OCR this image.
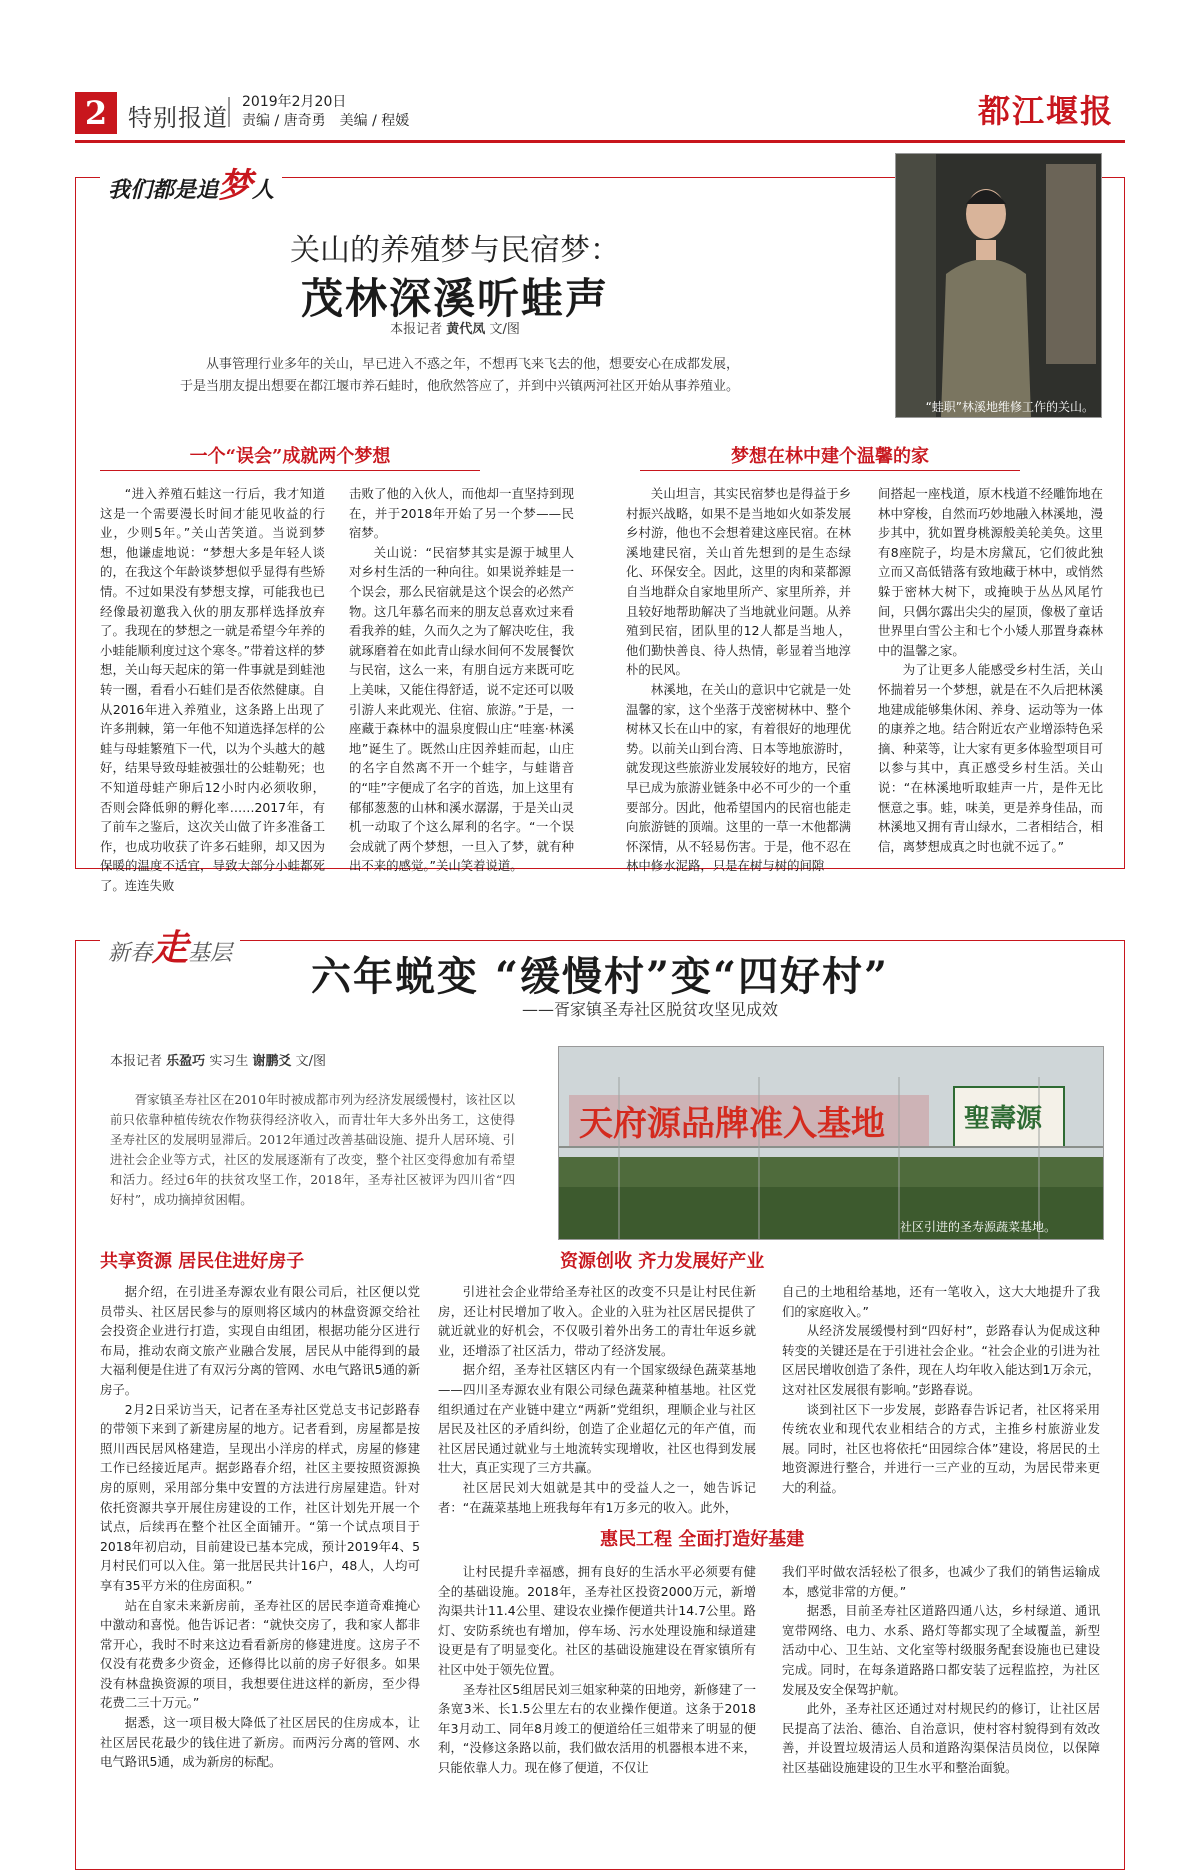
2 特别报道
2019年2月20日
责编 / 唐奇勇　美编 / 程媛	都江堰报
我们都是追梦人
关山的养殖梦与民宿梦：
茂林深溪听蛙声
本报记者 黄代凤 文/图
从事管理行业多年的关山，早已进入不惑之年，不想再飞来飞去的他，想要安心在成都发展，于是当朋友提出想要在都江堰市养石蛙时，他欣然答应了，并到中兴镇两河社区开始从事养殖业。
“蛙职”林溪地维修工作的关山。
一个“误会”成就两个梦想	梦想在林中建个温馨的家

“进入养殖石蛙这一行后，我才知道这是一个需要漫长时间才能见收益的行业，少则5年。”关山苦笑道。当说到梦想，他谦虚地说：“梦想大多是年轻人谈的，在我这个年龄谈梦想似乎显得有些矫情。不过如果没有梦想支撑，可能我也已经像最初邀我入伙的朋友那样选择放弃了。我现在的梦想之一就是希望今年养的小蛙能顺利度过这个寒冬。”带着这样的梦想，关山每天起床的第一件事就是到蛙池转一圈，看看小石蛙们是否依然健康。自从2016年进入养殖业，这条路上出现了许多荆棘，第一年他不知道选择怎样的公蛙与母蛙繁殖下一代，以为个头越大的越好，结果导致母蛙被强壮的公蛙勒死；也不知道母蛙产卵后12小时内必须收卵，否则会降低卵的孵化率……2017年，有了前车之鉴后，这次关山做了许多准备工作，也成功收获了许多石蛙卵，却又因为保暖的温度不适宜，导致大部分小蛙都死了。连连失败

击败了他的入伙人，而他却一直坚持到现在，并于2018年开始了另一个梦——民宿梦。

关山说：“民宿梦其实是源于城里人对乡村生活的一种向往。如果说养蛙是一个误会，那么民宿就是这个误会的必然产物。这几年慕名而来的朋友总喜欢过来看看我养的蛙，久而久之为了解决吃住，我就琢磨着在如此青山绿水间何不发展餐饮与民宿，这么一来，有朋自远方来既可吃上美味，又能住得舒适，说不定还可以吸引游人来此观光、住宿、旅游。”于是，一座藏于森林中的温泉度假山庄“哇塞·林溪地”诞生了。既然山庄因养蛙而起，山庄的名字自然离不开一个蛙字，与蛙谐音的“哇”字便成了名字的首选，加上这里有郁郁葱葱的山林和溪水潺潺，于是关山灵机一动取了个这么犀利的名字。“一个误会成就了两个梦想，一旦入了梦，就有种出不来的感觉。”关山笑着说道。

关山坦言，其实民宿梦也是得益于乡村振兴战略，如果不是当地如火如荼发展乡村游，他也不会想着建这座民宿。在林溪地建民宿，关山首先想到的是生态绿化、环保安全。因此，这里的肉和菜都源自当地群众自家地里所产、家里所养，并且较好地帮助解决了当地就业问题。从养殖到民宿，团队里的12人都是当地人，他们勤快善良、待人热情，彰显着当地淳朴的民风。

林溪地，在关山的意识中它就是一处温馨的家，这个坐落于茂密树林中、整个树林又长在山中的家，有着很好的地理优势。以前关山到台湾、日本等地旅游时，就发现这些旅游业发展较好的地方，民宿早已成为旅游业链条中必不可少的一个重要部分。因此，他希望国内的民宿也能走向旅游链的顶端。这里的一草一木他都满怀深情，从不轻易伤害。于是，他不忍在林中修水泥路，只是在树与树的间隙

间搭起一座栈道，原木栈道不经雕饰地在林中穿梭，自然而巧妙地融入林溪地，漫步其中，犹如置身桃源般美轮美奂。这里有8座院子，均是木房黛瓦，它们彼此独立而又高低错落有致地藏于林中，或悄然躲于密林大树下，或掩映于丛丛风尾竹间，只偶尔露出尖尖的屋顶，像极了童话世界里白雪公主和七个小矮人那置身森林中的温馨之家。

为了让更多人能感受乡村生活，关山怀揣着另一个梦想，就是在不久后把林溪地建成能够集休闲、养身、运动等为一体的康养之地。结合附近农产业增添特色采摘、种菜等，让大家有更多体验型项目可以参与其中，真正感受乡村生活。关山说：“在林溪地听取蛙声一片，是件无比惬意之事。蛙，味美，更是养身佳品，而林溪地又拥有青山绿水，二者相结合，相信，离梦想成真之时也就不远了。”

新春走基层	六年蜕变 “缓慢村”变“四好村”
——胥家镇圣寿社区脱贫攻坚见成效
本报记者 乐盈巧 实习生 谢鹏爻 文/图
胥家镇圣寿社区在2010年时被成都市列为经济发展缓慢村，该社区以前只依靠种植传统农作物获得经济收入，而青壮年大多外出务工，这使得圣寿社区的发展明显滞后。2012年通过改善基础设施、提升人居环境、引进社会企业等方式，社区的发展逐渐有了改变，整个社区变得愈加有希望和活力。经过6年的扶贫攻坚工作，2018年，圣寿社区被评为四川省“四好村”，成功摘掉贫困帽。
天府源品牌准入基地	聖壽源
社区引进的圣寿源蔬菜基地。
共享资源 居民住进好房子	资源创收 齐力发展好产业

据介绍，在引进圣寿源农业有限公司后，社区便以党员带头、社区居民参与的原则将区域内的林盘资源交给社会投资企业进行打造，实现自由组团，根据功能分区进行布局，推动农商文旅产业融合发展，居民从中能得到的最大福利便是住进了有双污分离的管网、水电气路讯5通的新房子。

2月2日采访当天，记者在圣寿社区党总支书记彭路春的带领下来到了新建房屋的地方。记者看到，房屋都是按照川西民居风格建造，呈现出小洋房的样式，房屋的修建工作已经接近尾声。据彭路春介绍，社区主要按照资源换房的原则，采用部分集中安置的方法进行房屋建造。针对依托资源共享开展住房建设的工作，社区计划先开展一个试点，后续再在整个社区全面铺开。“第一个试点项目于2018年初启动，目前建设已基本完成，预计2019年4、5月村民们可以入住。第一批居民共计16户，48人，人均可享有35平方米的住房面积。”

站在自家未来新房前，圣寿社区的居民李道奇难掩心中激动和喜悦。他告诉记者：“就快交房了，我和家人都非常开心，我时不时来这边看看新房的修建进度。这房子不仅没有花费多少资金，还修得比以前的房子好很多。如果没有林盘换资源的项目，我想要住进这样的新房，至少得花费二三十万元。”

据悉，这一项目极大降低了社区居民的住房成本，让社区居民花最少的钱住进了新房。而两污分离的管网、水电气路讯5通，成为新房的标配。

引进社会企业带给圣寿社区的改变不只是让村民住新房，还让村民增加了收入。企业的入驻为社区居民提供了就近就业的好机会，不仅吸引着外出务工的青壮年返乡就业，还增添了社区活力，带动了经济发展。

据介绍，圣寿社区辖区内有一个国家级绿色蔬菜基地——四川圣寿源农业有限公司绿色蔬菜种植基地。社区党组织通过在产业链中建立“两新”党组织，理顺企业与社区居民及社区的矛盾纠纷，创造了企业超亿元的年产值，而社区居民通过就业与土地流转实现增收，社区也得到发展壮大，真正实现了三方共赢。

社区居民刘大姐就是其中的受益人之一，她告诉记者：“在蔬菜基地上班我每年有1万多元的收入。此外，

自己的土地租给基地，还有一笔收入，这大大地提升了我们的家庭收入。”

从经济发展缓慢村到“四好村”，彭路春认为促成这种转变的关键还是在于引进社会企业。“社会企业的引进为社区居民增收创造了条件，现在人均年收入能达到1万余元，这对社区发展很有影响。”彭路春说。

谈到社区下一步发展，彭路春告诉记者，社区将采用传统农业和现代农业相结合的方式，主推乡村旅游业发展。同时，社区也将依托“田园综合体”建设，将居民的土地资源进行整合，并进行一三产业的互动，为居民带来更大的利益。

惠民工程 全面打造好基建

让村民提升幸福感，拥有良好的生活水平必须要有健全的基础设施。2018年，圣寿社区投资2000万元，新增沟渠共计11.4公里、建设农业操作便道共计14.7公里。路灯、安防系统也有增加，停车场、污水处理设施和绿道建设更是有了明显变化。社区的基础设施建设在胥家镇所有社区中处于领先位置。

圣寿社区5组居民刘三姐家种菜的田地旁，新修建了一条宽3米、长1.5公里左右的农业操作便道。这条于2018年3月动工、同年8月竣工的便道给任三姐带来了明显的便利，“没修这条路以前，我们做农活用的机器根本进不来，只能依靠人力。现在修了便道，不仅让

我们平时做农活轻松了很多，也减少了我们的销售运输成本，感觉非常的方便。”

据悉，目前圣寿社区道路四通八达，乡村绿道、通讯宽带网络、电力、水系、路灯等都实现了全域覆盖，新型活动中心、卫生站、文化室等村级服务配套设施也已建设完成。同时，在每条道路路口都安装了远程监控，为社区发展及安全保驾护航。

此外，圣寿社区还通过对村规民约的修订，让社区居民提高了法治、德治、自治意识，使村容村貌得到有效改善，并设置垃圾清运人员和道路沟渠保洁员岗位，以保障社区基础设施建设的卫生水平和整治面貌。
